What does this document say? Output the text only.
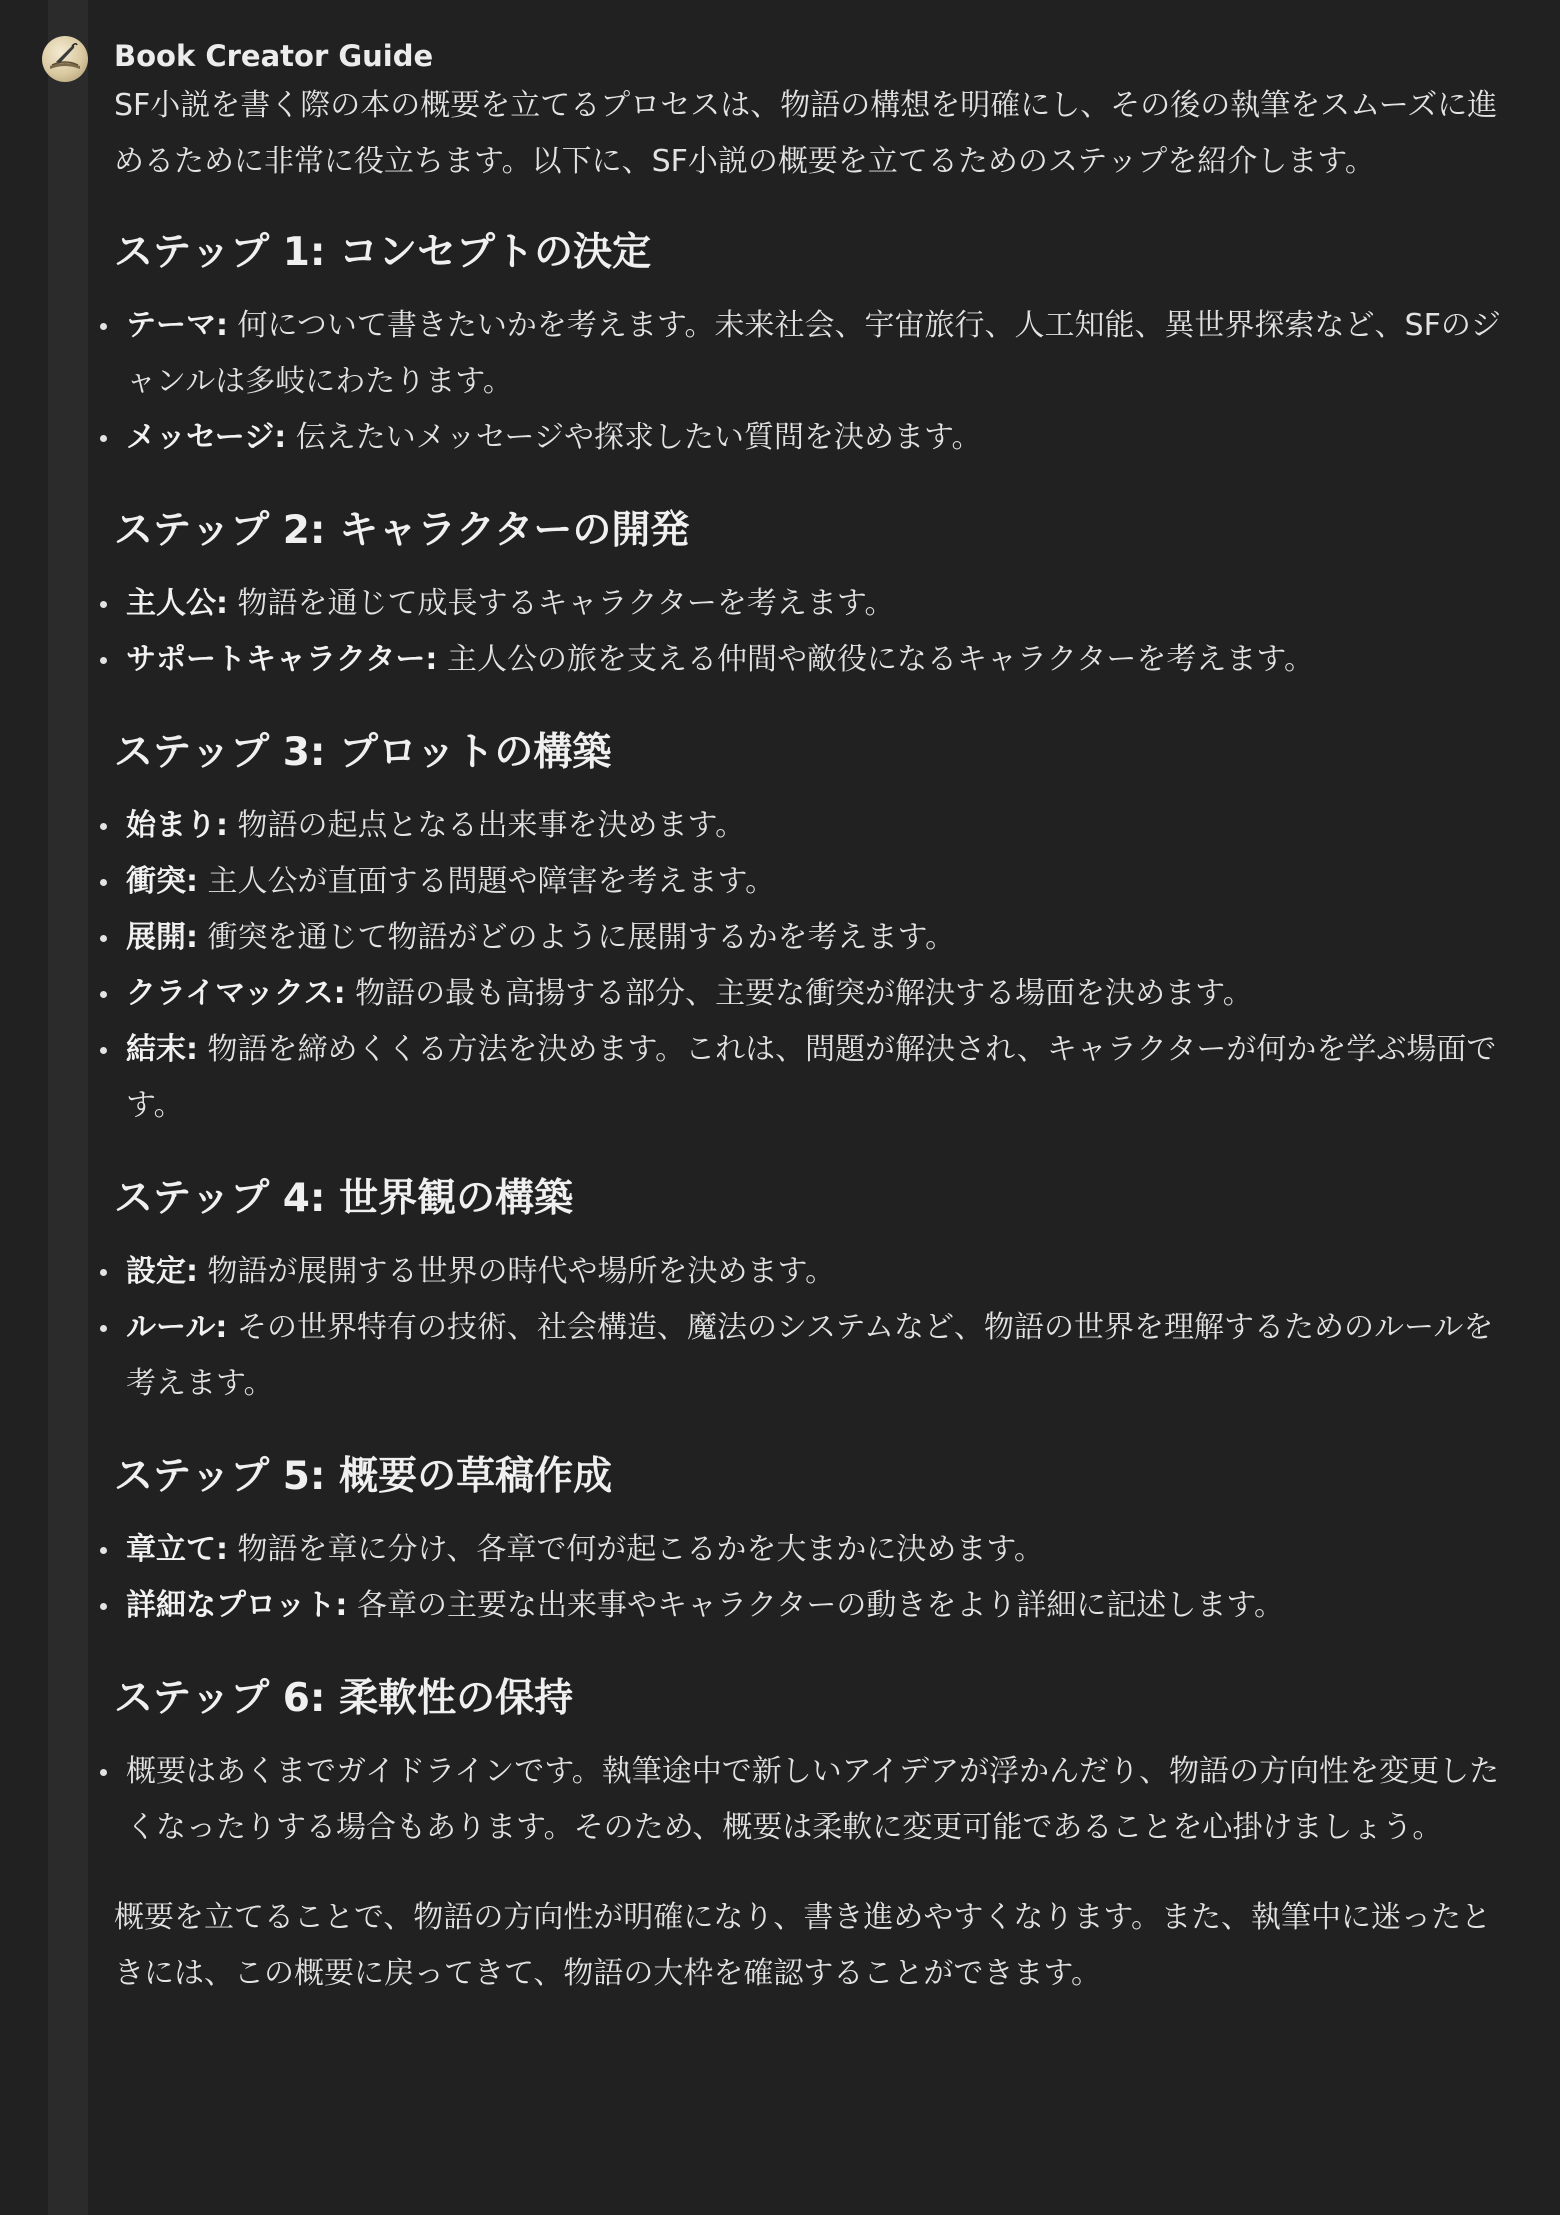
Book Creator Guide

SF小説を書く際の本の概要を立てるプロセスは、物語の構想を明確にし、その後の執筆をスムーズに進めるために非常に役立ちます。以下に、SF小説の概要を立てるためのステップを紹介します。

ステップ 1: コンセプトの決定
テーマ: 何について書きたいかを考えます。未来社会、宇宙旅行、人工知能、異世界探索など、SFのジャンルは多岐にわたります。
メッセージ: 伝えたいメッセージや探求したい質問を決めます。
ステップ 2: キャラクターの開発
主人公: 物語を通じて成長するキャラクターを考えます。
サポートキャラクター: 主人公の旅を支える仲間や敵役になるキャラクターを考えます。
ステップ 3: プロットの構築
始まり: 物語の起点となる出来事を決めます。
衝突: 主人公が直面する問題や障害を考えます。
展開: 衝突を通じて物語がどのように展開するかを考えます。
クライマックス: 物語の最も高揚する部分、主要な衝突が解決する場面を決めます。
結末: 物語を締めくくる方法を決めます。これは、問題が解決され、キャラクターが何かを学ぶ場面です。
ステップ 4: 世界観の構築
設定: 物語が展開する世界の時代や場所を決めます。
ルール: その世界特有の技術、社会構造、魔法のシステムなど、物語の世界を理解するためのルールを考えます。
ステップ 5: 概要の草稿作成
章立て: 物語を章に分け、各章で何が起こるかを大まかに決めます。
詳細なプロット: 各章の主要な出来事やキャラクターの動きをより詳細に記述します。
ステップ 6: 柔軟性の保持
概要はあくまでガイドラインです。執筆途中で新しいアイデアが浮かんだり、物語の方向性を変更したくなったりする場合もあります。そのため、概要は柔軟に変更可能であることを心掛けましょう。

概要を立てることで、物語の方向性が明確になり、書き進めやすくなります。また、執筆中に迷ったときには、この概要に戻ってきて、物語の大枠を確認することができます。
